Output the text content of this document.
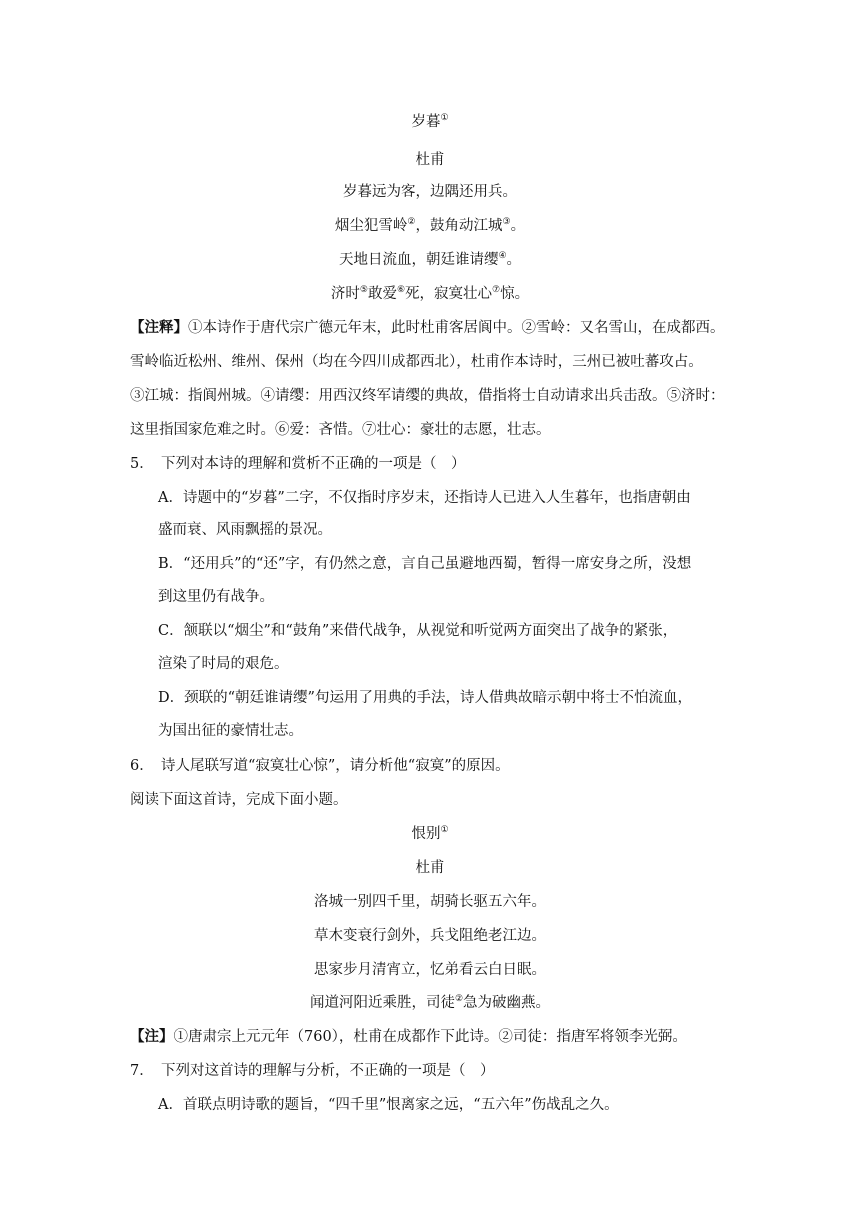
岁暮①
杜甫
岁暮远为客，边隅还用兵。
烟尘犯雪岭②，鼓角动江城③。
天地日流血，朝廷谁请缨④。
济时⑤敢爱⑥死，寂寞壮心⑦惊。
【注释】①本诗作于唐代宗广德元年末，此时杜甫客居阆中。②雪岭：又名雪山，在成都西。
雪岭临近松州、维州、保州（均在今四川成都西北），杜甫作本诗时，三州已被吐蕃攻占。
③江城：指阆州城。④请缨：用西汉终军请缨的典故，借指将士自动请求出兵击敌。⑤济时：
这里指国家危难之时。⑥爱：吝惜。⑦壮心：豪壮的志愿，壮志。
5．　下列对本诗的理解和赏析不正确的一项是（　）
A．诗题中的“岁暮”二字，不仅指时序岁末，还指诗人已进入人生暮年，也指唐朝由
盛而衰、风雨飘摇的景况。
B．“还用兵”的“还”字，有仍然之意，言自己虽避地西蜀，暂得一席安身之所，没想
到这里仍有战争。
C．颔联以“烟尘”和“鼓角”来借代战争，从视觉和听觉两方面突出了战争的紧张，
渲染了时局的艰危。
D．颈联的“朝廷谁请缨”句运用了用典的手法，诗人借典故暗示朝中将士不怕流血，
为国出征的豪情壮志。
6．　诗人尾联写道“寂寞壮心惊”，请分析他“寂寞”的原因。
阅读下面这首诗，完成下面小题。
恨别①
杜甫
洛城一别四千里，胡骑长驱五六年。
草木变衰行剑外，兵戈阻绝老江边。
思家步月清宵立，忆弟看云白日眠。
闻道河阳近乘胜，司徒②急为破幽燕。
【注】①唐肃宗上元元年（760），杜甫在成都作下此诗。②司徒：指唐军将领李光弼。
7．　下列对这首诗的理解与分析，不正确的一项是（　）
A．首联点明诗歌的题旨，“四千里”恨离家之远，“五六年”伤战乱之久。
